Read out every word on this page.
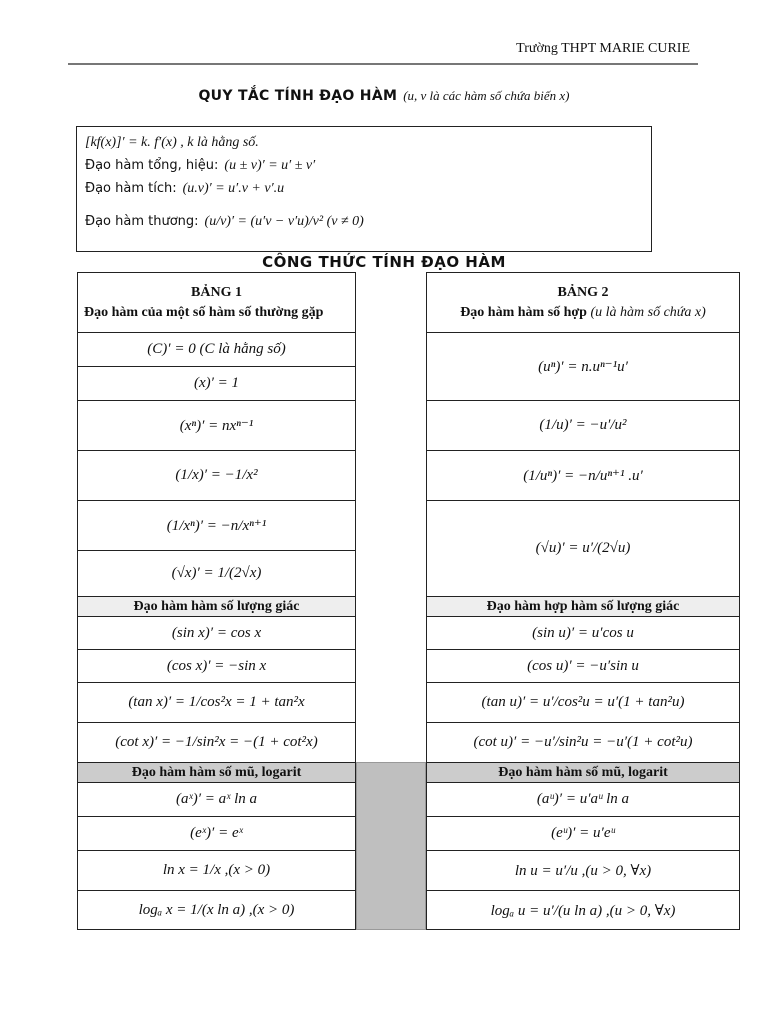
Trường THPT MARIE CURIE
QUY TẮC TÍNH ĐẠO HÀM (u, v là các hàm số chứa biến x)
[kf(x)]′ = k. f′(x) , k là hằng số.
Đạo hàm tổng, hiệu: (u ± v)′ = u′ ± v′
Đạo hàm tích: (u.v)′ = u′.v + v′.u
Đạo hàm thương: (u/v)′ = (u′v − v′u)/v² (v ≠ 0)
CÔNG THỨC TÍNH ĐẠO HÀM
BẢNG 1
Đạo hàm của một số hàm số thường gặp
(C)′ = 0 (C là hằng số)
(x)′ = 1
(xⁿ)′ = nxⁿ⁻¹
(1/x)′ = −1/x²
(1/xⁿ)′ = −n/xⁿ⁺¹
(√x)′ = 1/(2√x)
Đạo hàm hàm số lượng giác
(sin x)′ = cos x
(cos x)′ = −sin x
(tan x)′ = 1/cos²x = 1 + tan²x
(cot x)′ = −1/sin²x = −(1 + cot²x)
Đạo hàm hàm số mũ, logarit
(aˣ)′ = aˣ ln a
(eˣ)′ = eˣ
ln x = 1/x ,(x > 0)
logₐ x = 1/(x ln a) ,(x > 0)
BẢNG 2
Đạo hàm hàm số hợp (u là hàm số chứa x)
(uⁿ)′ = n.uⁿ⁻¹u′
(1/u)′ = −u′/u²
(1/uⁿ)′ = −n/uⁿ⁺¹ .u′
(√u)′ = u′/(2√u)
Đạo hàm hợp hàm số lượng giác
(sin u)′ = u′cos u
(cos u)′ = −u′sin u
(tan u)′ = u′/cos²u = u′(1 + tan²u)
(cot u)′ = −u′/sin²u = −u′(1 + cot²u)
Đạo hàm hàm số mũ, logarit
(aᵘ)′ = u′aᵘ ln a
(eᵘ)′ = u′eᵘ
ln u = u′/u ,(u > 0, ∀x)
logₐ u = u′/(u ln a) ,(u > 0, ∀x)
